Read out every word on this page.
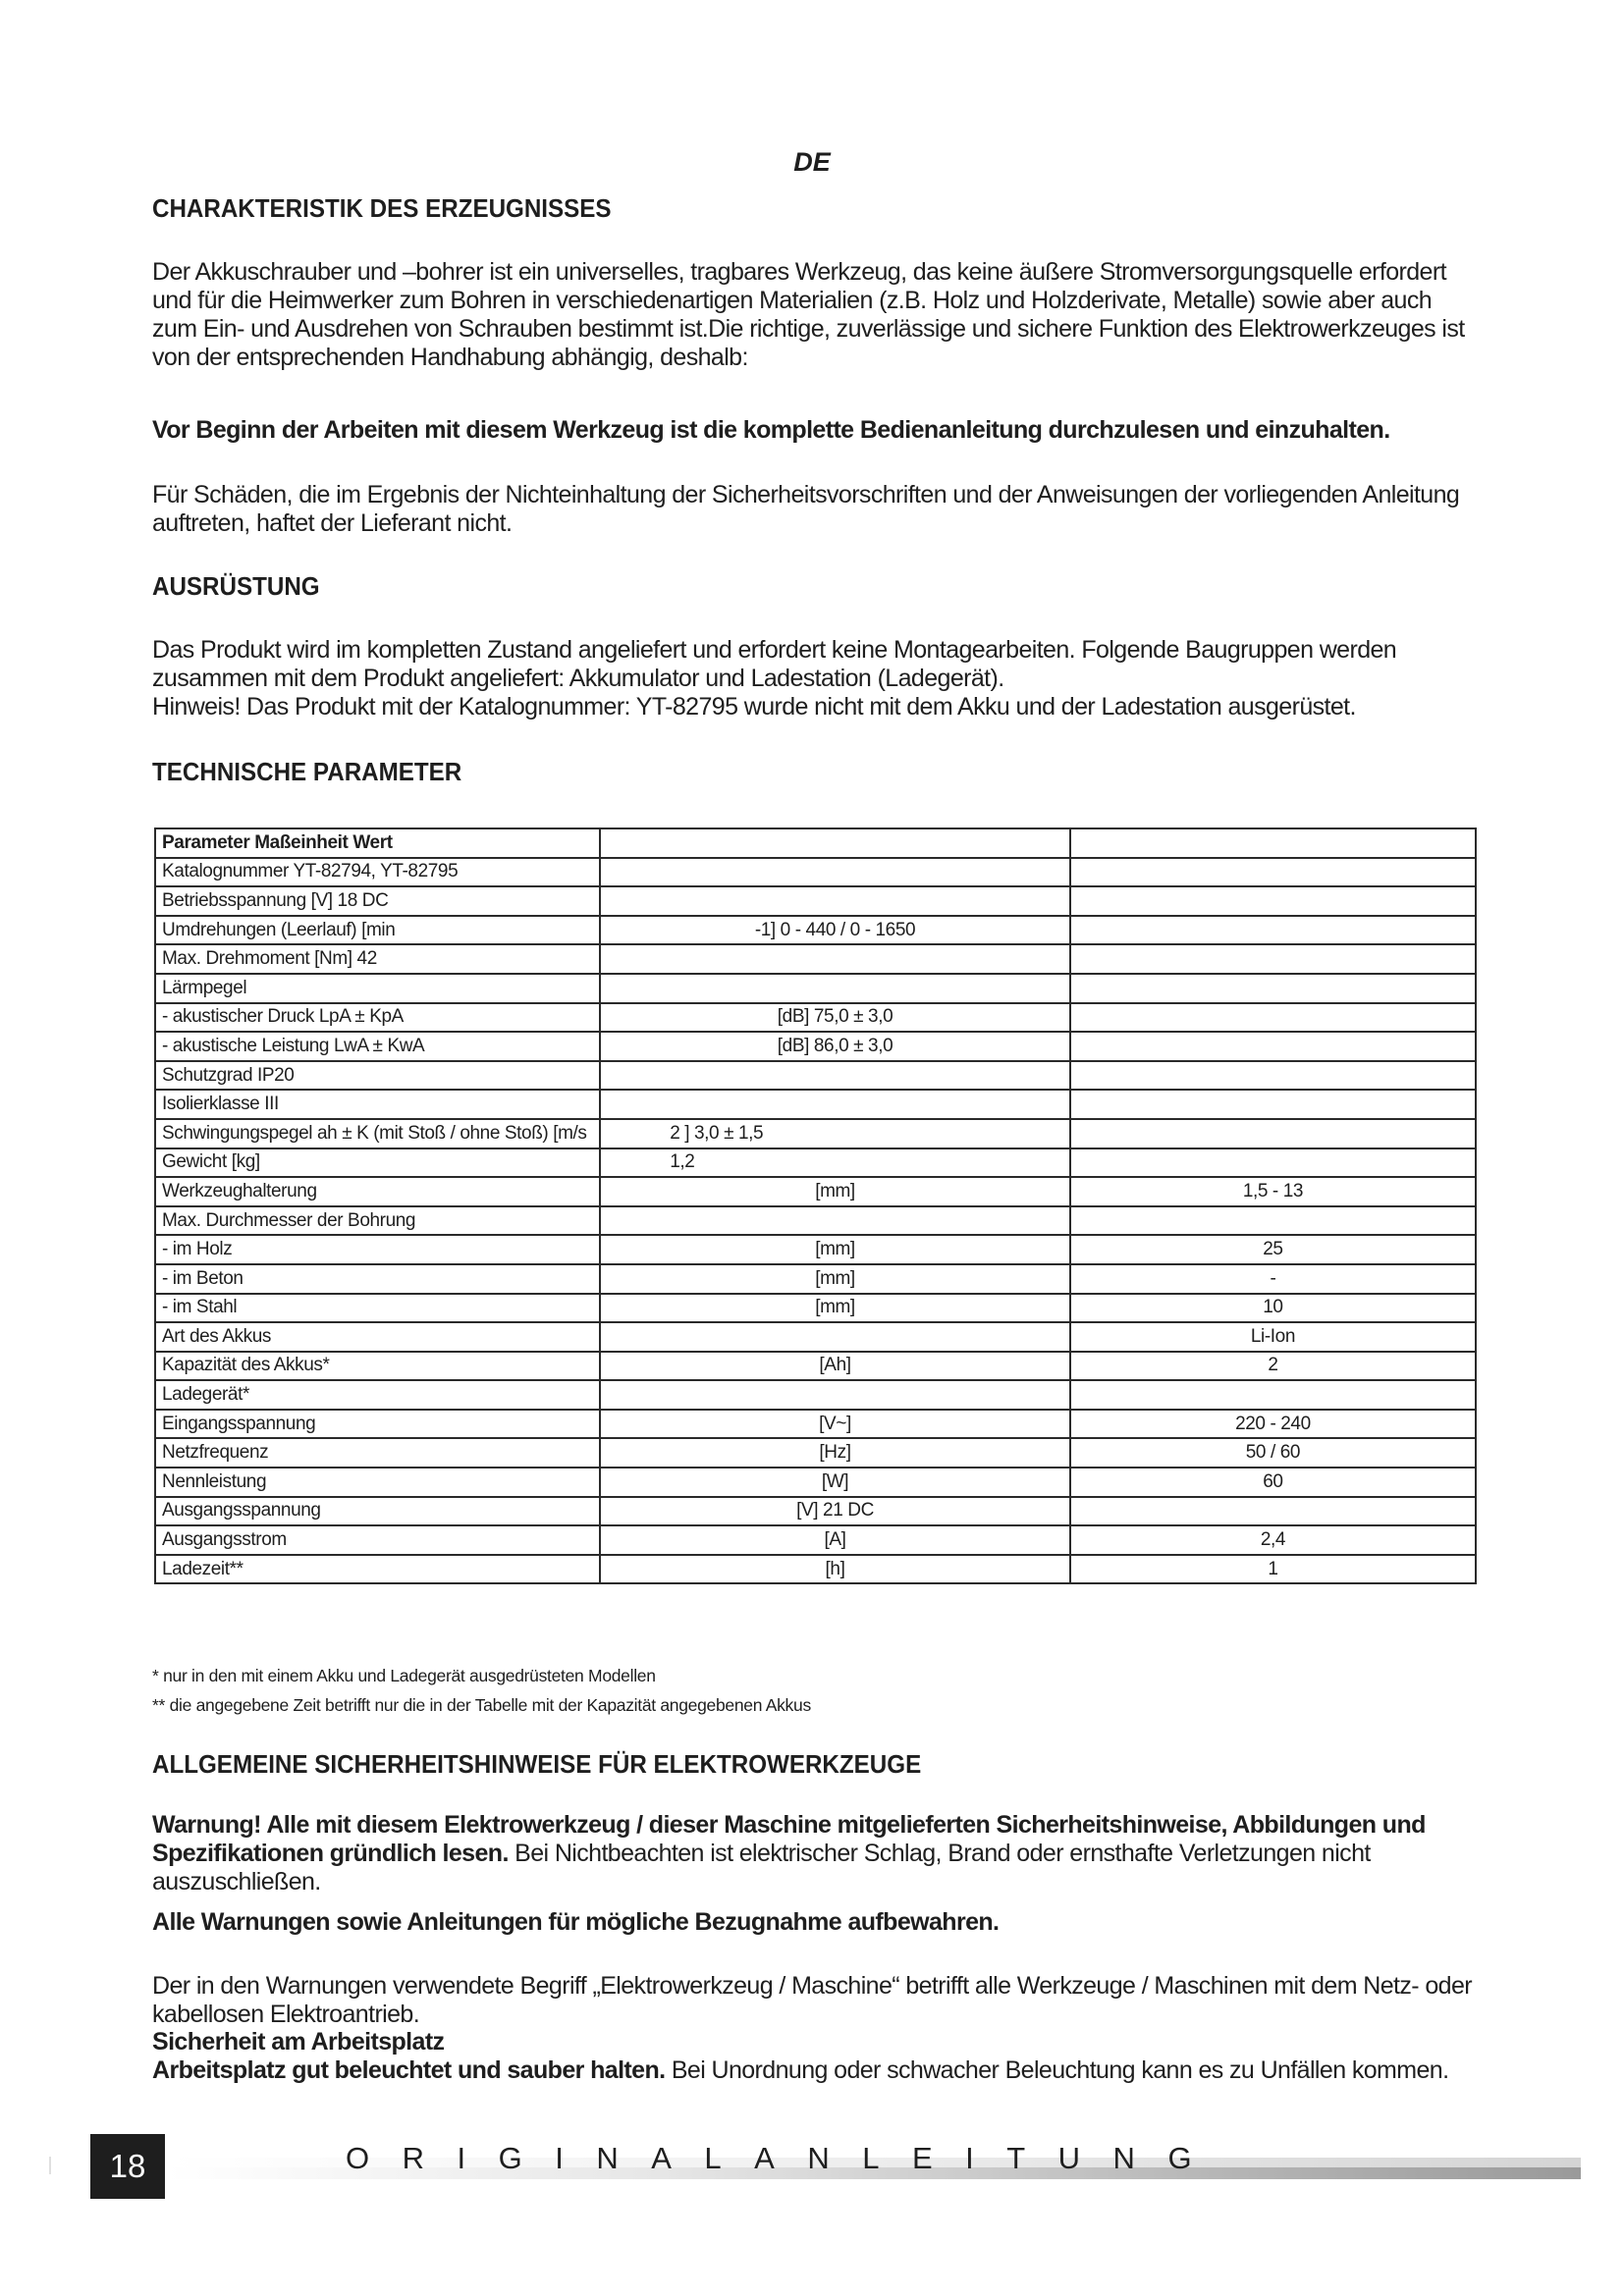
DE
CHARAKTERISTIK DES ERZEUGNISSES

Der Akkuschrauber und –bohrer ist ein universelles, tragbares Werkzeug, das keine äußere Stromversorgungsquelle erfordert und für die Heimwerker zum Bohren in verschiedenartigen Materialien (z.B. Holz und Holzderivate, Metalle) sowie aber auch zum Ein- und Ausdrehen von Schrauben bestimmt ist.Die richtige, zuverlässige und sichere Funktion des Elektrowerkzeuges ist von der entsprechenden Handhabung abhängig, deshalb:

Vor Beginn der Arbeiten mit diesem Werkzeug ist die komplette Bedienanleitung durchzulesen und einzuhalten.

Für Schäden, die im Ergebnis der Nichteinhaltung der Sicherheitsvorschriften und der Anweisungen der vorliegenden Anleitung auftreten, haftet der Lieferant nicht.

AUSRÜSTUNG

Das Produkt wird im kompletten Zustand angeliefert und erfordert keine Montagearbeiten. Folgende Baugruppen werden zusammen mit dem Produkt angeliefert: Akkumulator und Ladestation (Ladegerät).

Hinweis! Das Produkt mit der Katalognummer: YT-82795 wurde nicht mit dem Akku und der Ladestation ausgerüstet.

TECHNISCHE PARAMETER
Parameter Maßeinheit Wert		
Katalognummer YT-82794, YT-82795		
Betriebsspannung [V] 18 DC		
Umdrehungen (Leerlauf) [min	-1] 0 - 440 / 0 - 1650	
Max. Drehmoment [Nm] 42		
Lärmpegel		
- akustischer Druck LpA ± KpA	[dB] 75,0 ± 3,0	
- akustische Leistung LwA ± KwA	[dB] 86,0 ± 3,0	
Schutzgrad IP20		
Isolierklasse III		
Schwingungspegel ah ± K (mit Stoß / ohne Stoß) [m/s	2 ] 3,0 ± 1,5	
Gewicht [kg]	1,2	
Werkzeughalterung	[mm]	1,5 - 13
Max. Durchmesser der Bohrung		
- im Holz	[mm]	25
- im Beton	[mm]	-
- im Stahl	[mm]	10
Art des Akkus		Li-Ion
Kapazität des Akkus*	[Ah]	2
Ladegerät*		
Eingangsspannung	[V~]	220 - 240
Netzfrequenz	[Hz]	50 / 60
Nennleistung	[W]	60
Ausgangsspannung	[V] 21 DC	
Ausgangsstrom	[A]	2,4
Ladezeit**	[h]	1
* nur in den mit einem Akku und Ladegerät ausgedrüsteten Modellen
** die angegebene Zeit betrifft nur die in der Tabelle mit der Kapazität angegebenen Akkus
ALLGEMEINE SICHERHEITSHINWEISE FÜR ELEKTROWERKZEUGE

Warnung! Alle mit diesem Elektrowerkzeug / dieser Maschine mitgelieferten Sicherheitshinweise, Abbildungen und Spezifikationen gründlich lesen. Bei Nichtbeachten ist elektrischer Schlag, Brand oder ernsthafte Verletzungen nicht auszuschließen.

Alle Warnungen sowie Anleitungen für mögliche Bezugnahme aufbewahren.

Der in den Warnungen verwendete Begriff „Elektrowerkzeug / Maschine“ betrifft alle Werkzeuge / Maschinen mit dem Netz- oder kabellosen Elektroantrieb.

Sicherheit am Arbeitsplatz

Arbeitsplatz gut beleuchtet und sauber halten. Bei Unordnung oder schwacher Beleuchtung kann es zu Unfällen kommen.

18	ORIGINALANLEITUNG
